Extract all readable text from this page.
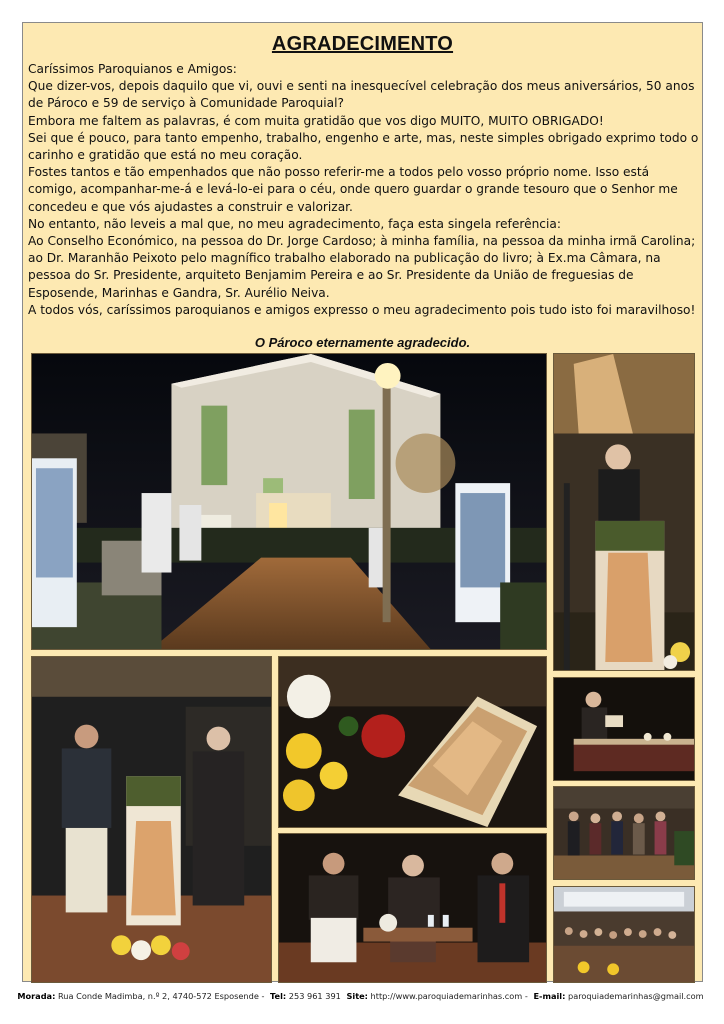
AGRADECIMENTO

Caríssimos Paroquianos e Amigos:

Que dizer-vos, depois daquilo que vi, ouvi e senti na inesquecível celebração dos meus aniversários, 50 anos de Pároco e 59 de serviço à Comunidade Paroquial?

Embora me faltem as palavras, é com muita gratidão que vos digo MUITO, MUITO OBRIGADO!

Sei que é pouco, para tanto empenho, trabalho, engenho e arte, mas, neste simples obrigado exprimo todo o carinho e gratidão que está no meu coração.

Fostes tantos e tão empenhados que não posso referir-me a todos pelo vosso próprio nome. Isso está comigo, acompanhar-me-á e levá-lo-ei para o céu, onde quero guardar o grande tesouro que o Senhor me concedeu e que vós ajudastes a construir e valorizar.

No entanto, não leveis a mal que, no meu agradecimento, faça esta singela referência:

Ao Conselho Económico, na pessoa do Dr. Jorge Cardoso; à minha família, na pessoa da minha irmã Carolina; ao Dr. Maranhão Peixoto pelo magnífico trabalho elaborado na publicação do livro; à Ex.ma Câmara, na pessoa do Sr. Presidente, arquiteto Benjamim Pereira e ao Sr. Presidente da União de freguesias de Esposende, Marinhas e Gandra, Sr. Aurélio Neiva.

A todos vós, caríssimos paroquianos e amigos expresso o meu agradecimento pois tudo isto foi maravilhoso!

O Pároco eternamente agradecido.
Morada: Rua Conde Madimba, n.º 2, 4740-572 Esposende - Tel: 253 961 391 Site: http://www.paroquiademarinhas.com - E-mail: paroquiademarinhas@gmail.com
